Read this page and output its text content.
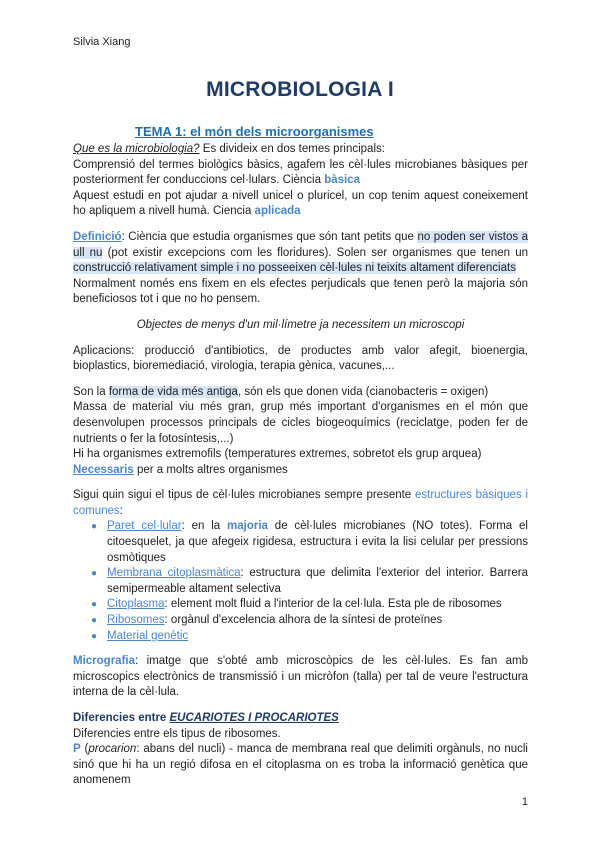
Silvia Xiang
MICROBIOLOGIA I
TEMA 1: el món dels microorganismes

Que es la microbiologia? Es divideix en dos temes principals:

Comprensió del termes biològics bàsics, agafem les cèl·lules microbianes bàsiques per posteriorment fer conduccions cel·lulars. Ciència bàsica

Aquest estudi en pot ajudar a nivell unicel o pluricel, un cop tenim aquest coneixement ho apliquem a nivell humà. Ciencia aplicada

Definició: Ciència que estudia organismes que són tant petits que no poden ser vistos a ull nu (pot existir excepcions com les floridures). Solen ser organismes que tenen un construcció relativament simple i no posseeixen cèl·lules ni teixits altament diferenciats

Normalment només ens fixem en els efectes perjudicals que tenen però la majoria són beneficiosos tot i que no ho pensem.

Objectes de menys d'un mil·límetre ja necessitem un microscopi

Aplicacions: producció d'antibiotics, de productes amb valor afegit, bioenergia, bioplastics, bioremediació, virologia, terapia gènica, vacunes,...

Son la forma de vida més antiga, són els que donen vida (cianobacteris = oxigen)

Massa de material viu més gran, grup més important d'organismes en el món que desenvolupen processos principals de cicles biogeoquímics (reciclatge, poden fer de nutrients o fer la fotosíntesis,...)

Hi ha organismes extremofils (temperatures extremes, sobretot els grup arquea)

Necessaris per a molts altres organismes

Sigui quin sigui el tipus de cèl·lules microbianes sempre presente estructures bàsiques i comunes:

● Paret cel·lular: en la majoria de cèl·lules microbianes (NO totes). Forma el citoesquelet, ja que afegeix rigidesa, estructura i evita la lisi celular per pressions osmòtiques
● Membrana citoplasmàtica: estructura que delimita l'exterior del interior. Barrera semipermeable altament selectiva
● Citoplasma: element molt fluid a l'interior de la cel·lula. Esta ple de ribosomes
● Ribosomes: orgànul d'excelencia alhora de la síntesi de proteïnes
● Material genètic

Micrografia: imatge que s'obté amb microscòpics de les cèl·lules. Es fan amb microscopics electrònics de transmissió i un micròfon (talla) per tal de veure l'estructura interna de la cèl·lula.

Diferencies entre EUCARIOTES I PROCARIOTES

Diferencies entre els tipus de ribosomes.

P (procarion: abans del nucli) - manca de membrana real que delimiti orgànuls, no nucli sinó que hi ha un regió difosa en el citoplasma on es troba la informació genètica que anomenem

1
